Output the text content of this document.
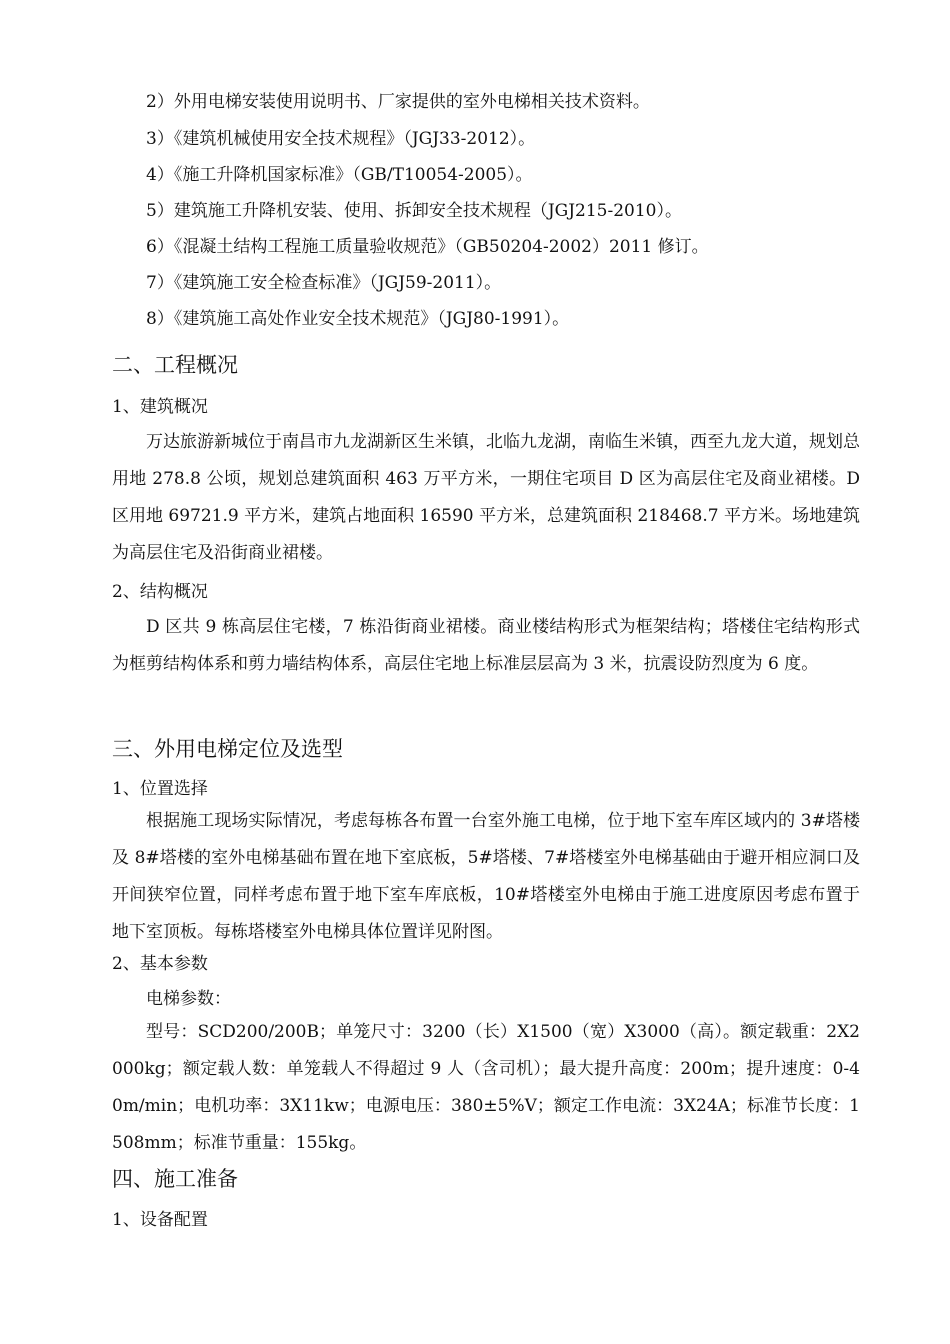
2）外用电梯安装使用说明书、厂家提供的室外电梯相关技术资料。
3）《建筑机械使用安全技术规程》（JGJ33-2012）。
4）《施工升降机国家标准》（GB/T10054-2005）。
5）建筑施工升降机安装、使用、拆卸安全技术规程（JGJ215-2010）。
6）《混凝土结构工程施工质量验收规范》（GB50204-2002）2011 修订。
7）《建筑施工安全检查标准》（JGJ59-2011）。
8）《建筑施工高处作业安全技术规范》（JGJ80-1991）。
二、工程概况
1、建筑概况
万达旅游新城位于南昌市九龙湖新区生米镇，北临九龙湖，南临生米镇，西至九龙大道，规划总用地 278.8 公顷，规划总建筑面积 463 万平方米，一期住宅项目 D 区为高层住宅及商业裙楼。D 区用地 69721.9 平方米，建筑占地面积 16590 平方米，总建筑面积 218468.7 平方米。场地建筑为高层住宅及沿街商业裙楼。
2、结构概况
D 区共 9 栋高层住宅楼，7 栋沿街商业裙楼。商业楼结构形式为框架结构；塔楼住宅结构形式为框剪结构体系和剪力墙结构体系，高层住宅地上标准层层高为 3 米，抗震设防烈度为 6 度。
三、外用电梯定位及选型
1、位置选择
根据施工现场实际情况，考虑每栋各布置一台室外施工电梯，位于地下室车库区域内的 3#塔楼及 8#塔楼的室外电梯基础布置在地下室底板，5#塔楼、7#塔楼室外电梯基础由于避开相应洞口及开间狭窄位置，同样考虑布置于地下室车库底板，10#塔楼室外电梯由于施工进度原因考虑布置于地下室顶板。每栋塔楼室外电梯具体位置详见附图。
2、基本参数
电梯参数：
型号：SCD200/200B；单笼尺寸：3200（长）X1500（宽）X3000（高）。额定载重：2X2000kg；额定载人数：单笼载人不得超过 9 人（含司机）；最大提升高度：200m；提升速度：0-40m/min；电机功率：3X11kw；电源电压：380±5%V；额定工作电流：3X24A；标准节长度：1508mm；标准节重量：155kg。
四、施工准备
1、设备配置
